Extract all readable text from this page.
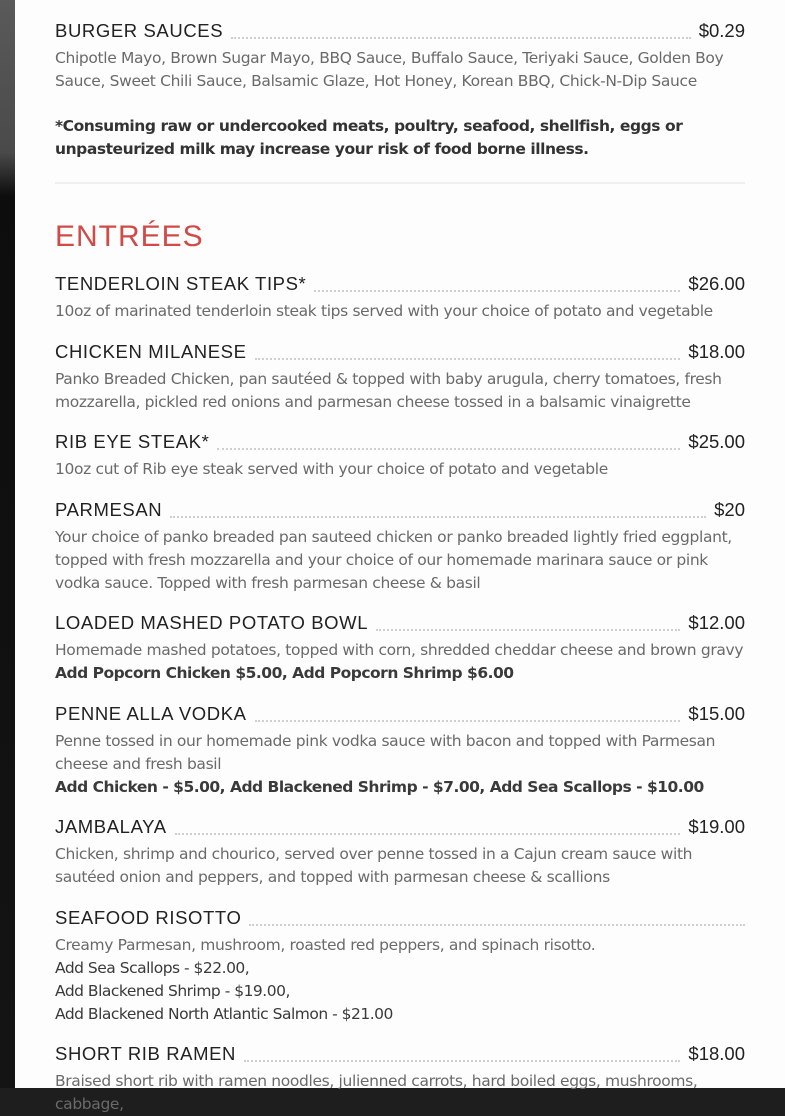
BURGER SAUCES	$0.29
Chipotle Mayo, Brown Sugar Mayo, BBQ Sauce, Buffalo Sauce, Teriyaki Sauce, Golden Boy Sauce, Sweet Chili Sauce, Balsamic Glaze, Hot Honey, Korean BBQ, Chick-N-Dip Sauce
*Consuming raw or undercooked meats, poultry, seafood, shellfish, eggs or unpasteurized milk may increase your risk of food borne illness.
ENTRÉES
TENDERLOIN STEAK TIPS*	$26.00
10oz of marinated tenderloin steak tips served with your choice of potato and vegetable
CHICKEN MILANESE	$18.00
Panko Breaded Chicken, pan sautéed & topped with baby arugula, cherry tomatoes, fresh mozzarella, pickled red onions and parmesan cheese tossed in a balsamic vinaigrette
RIB EYE STEAK*	$25.00
10oz cut of Rib eye steak served with your choice of potato and vegetable
PARMESAN	$20
Your choice of panko breaded pan sauteed chicken or panko breaded lightly fried eggplant, topped with fresh mozzarella and your choice of our homemade marinara sauce or pink vodka sauce. Topped with fresh parmesan cheese & basil
LOADED MASHED POTATO BOWL	$12.00
Homemade mashed potatoes, topped with corn, shredded cheddar cheese and brown gravy
Add Popcorn Chicken $5.00, Add Popcorn Shrimp $6.00
PENNE ALLA VODKA	$15.00
Penne tossed in our homemade pink vodka sauce with bacon and topped with Parmesan cheese and fresh basil
Add Chicken - $5.00, Add Blackened Shrimp - $7.00, Add Sea Scallops - $10.00
JAMBALAYA	$19.00
Chicken, shrimp and chourico, served over penne tossed in a Cajun cream sauce with sautéed onion and peppers, and topped with parmesan cheese & scallions
SEAFOOD RISOTTO
Creamy Parmesan, mushroom, roasted red peppers, and spinach risotto.
Add Sea Scallops - $22.00,
Add Blackened Shrimp - $19.00,
Add Blackened North Atlantic Salmon - $21.00
SHORT RIB RAMEN	$18.00
Braised short rib with ramen noodles, julienned carrots, hard boiled eggs, mushrooms, cabbage,
